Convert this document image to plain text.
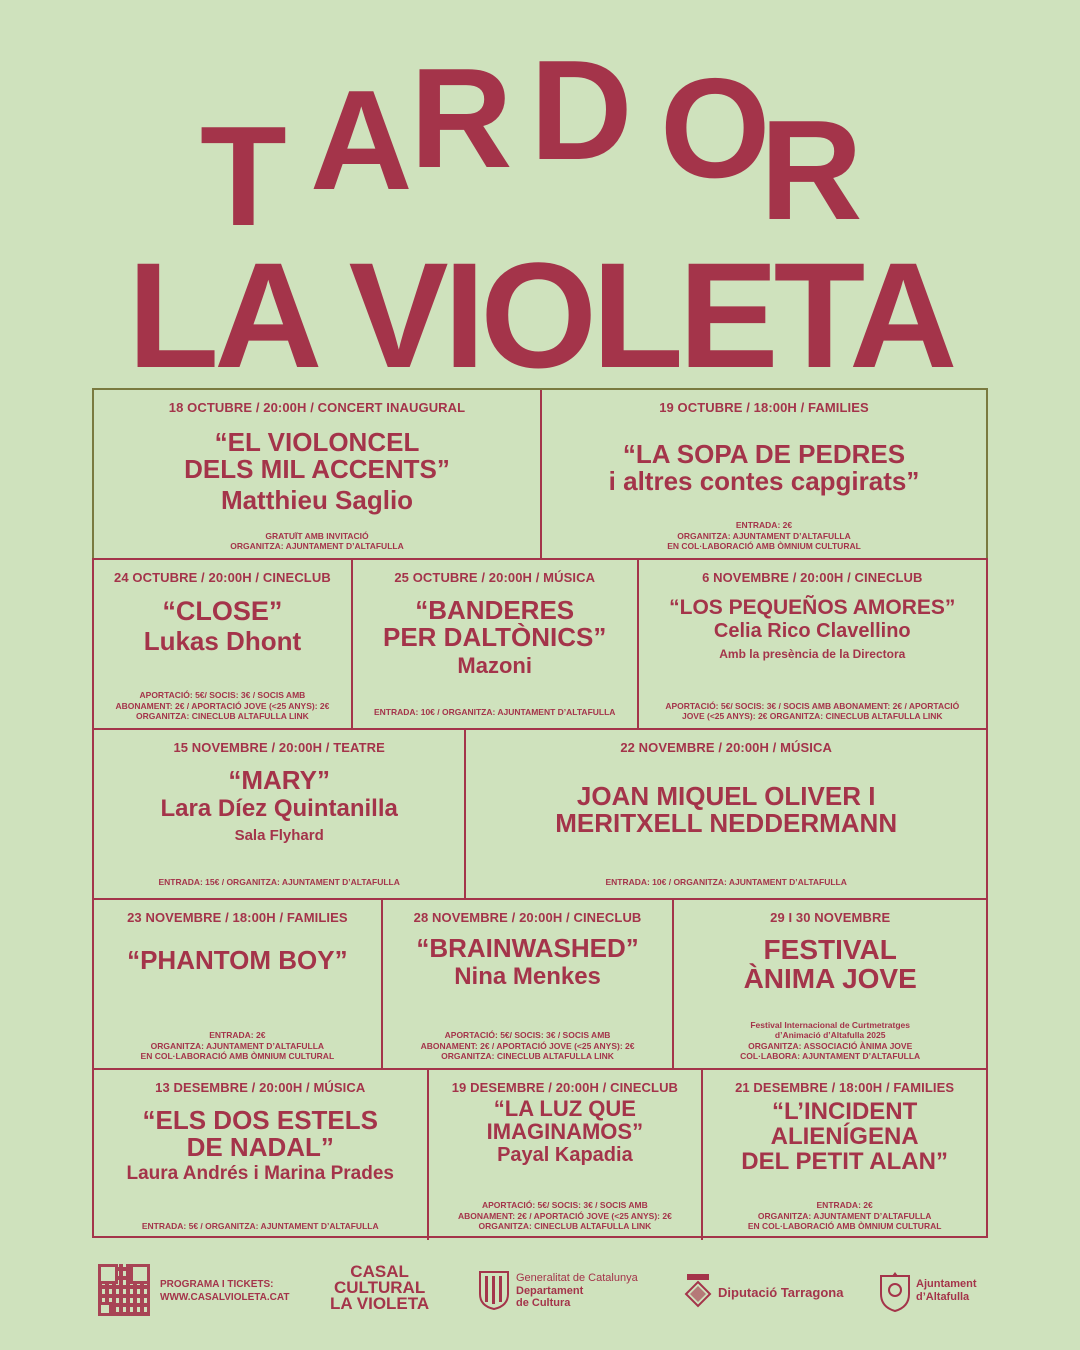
T A R D O
R
LA VIOLETA
18 OCTUBRE / 20:00H / CONCERT INAUGURAL
“EL VIOLONCEL
DELS MIL ACCENTS”
Matthieu Saglio
GRATUÏT AMB INVITACIÓ
ORGANITZA: AJUNTAMENT D’ALTAFULLA
19 OCTUBRE / 18:00H / FAMILIES
“LA SOPA DE PEDRES
i altres contes capgirats”
ENTRADA: 2€
ORGANITZA: AJUNTAMENT D’ALTAFULLA
EN COL·LABORACIÓ AMB ÒMNIUM CULTURAL
24 OCTUBRE / 20:00H / CINECLUB
“CLOSE”
Lukas Dhont
APORTACIÓ: 5€/ SOCIS: 3€ / SOCIS AMB
ABONAMENT: 2€ / APORTACIÓ JOVE (<25 ANYS): 2€
ORGANITZA: CINECLUB ALTAFULLA LINK
25 OCTUBRE / 20:00H / MÚSICA
“BANDERES
PER DALTÒNICS”
Mazoni
ENTRADA: 10€ / ORGANITZA: AJUNTAMENT D’ALTAFULLA
6 NOVEMBRE / 20:00H / CINECLUB
“LOS PEQUEÑOS AMORES”
Celia Rico Clavellino
Amb la presència de la Directora
APORTACIÓ: 5€/ SOCIS: 3€ / SOCIS AMB ABONAMENT: 2€ / APORTACIÓ
JOVE (<25 ANYS): 2€ ORGANITZA: CINECLUB ALTAFULLA LINK
15 NOVEMBRE / 20:00H / TEATRE
“MARY”
Lara Díez Quintanilla
Sala Flyhard
ENTRADA: 15€ / ORGANITZA: AJUNTAMENT D’ALTAFULLA
22 NOVEMBRE / 20:00H / MÚSICA
JOAN MIQUEL OLIVER I
MERITXELL NEDDERMANN
ENTRADA: 10€ / ORGANITZA: AJUNTAMENT D’ALTAFULLA
23 NOVEMBRE / 18:00H / FAMILIES
“PHANTOM BOY”
ENTRADA: 2€
ORGANITZA: AJUNTAMENT D’ALTAFULLA
EN COL·LABORACIÓ AMB ÒMNIUM CULTURAL
28 NOVEMBRE / 20:00H / CINECLUB
“BRAINWASHED”
Nina Menkes
APORTACIÓ: 5€/ SOCIS: 3€ / SOCIS AMB
ABONAMENT: 2€ / APORTACIÓ JOVE (<25 ANYS): 2€
ORGANITZA: CINECLUB ALTAFULLA LINK
29 I 30 NOVEMBRE
FESTIVAL
ÀNIMA JOVE
Festival Internacional de Curtmetratges
d’Animació d’Altafulla 2025
ORGANITZA: ASSOCIACIÓ ÀNIMA JOVE
COL·LABORA: AJUNTAMENT D’ALTAFULLA
13 DESEMBRE / 20:00H / MÚSICA
“ELS DOS ESTELS
DE NADAL”
Laura Andrés i Marina Prades
ENTRADA: 5€ / ORGANITZA: AJUNTAMENT D’ALTAFULLA
19 DESEMBRE / 20:00H / CINECLUB
“LA LUZ QUE
IMAGINAMOS”
Payal Kapadia
APORTACIÓ: 5€/ SOCIS: 3€ / SOCIS AMB
ABONAMENT: 2€ / APORTACIÓ JOVE (<25 ANYS): 2€
ORGANITZA: CINECLUB ALTAFULLA LINK
21 DESEMBRE / 18:00H / FAMILIES
“L’INCIDENT
ALIENÍGENA
DEL PETIT ALAN”
ENTRADA: 2€
ORGANITZA: AJUNTAMENT D’ALTAFULLA
EN COL·LABORACIÓ AMB ÒMNIUM CULTURAL
PROGRAMA I TICKETS:
WWW.CASALVIOLETA.CAT
CASAL
CULTURAL
LA VIOLETA
Generalitat de Catalunya
Departament
de Cultura
Diputació Tarragona
Ajuntament
d’Altafulla
